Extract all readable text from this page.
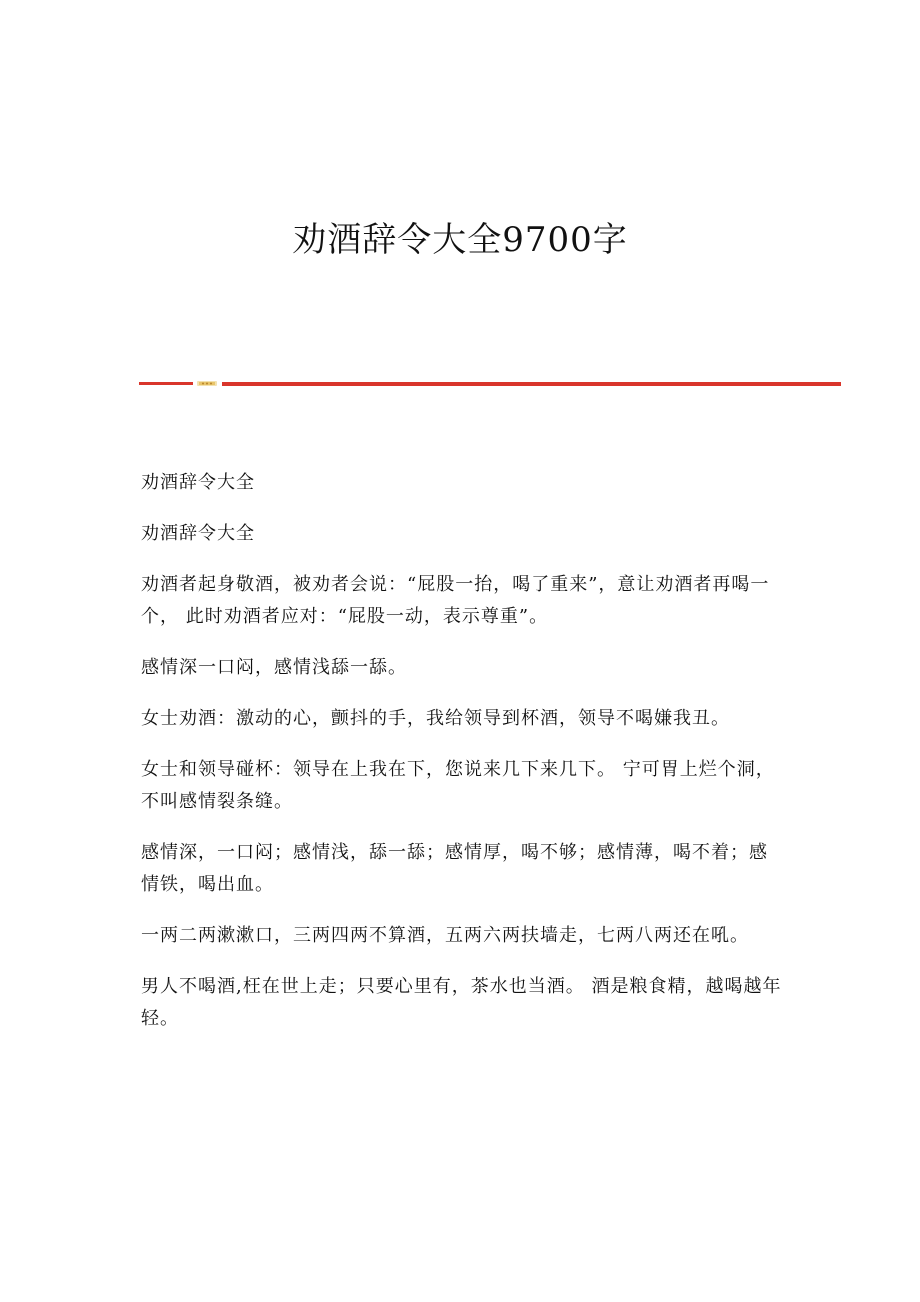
劝酒辞令大全9700字

劝酒辞令大全

劝酒辞令大全

劝酒者起身敬酒，被劝者会说：“屁股一抬，喝了重来”，意让劝酒者再喝一个， 此时劝酒者应对：“屁股一动，表示尊重”。

感情深一口闷，感情浅舔一舔。

女士劝酒：激动的心，颤抖的手，我给领导到杯酒，领导不喝嫌我丑。

女士和领导碰杯：领导在上我在下，您说来几下来几下。 宁可胃上烂个洞，不叫感情裂条缝。

感情深，一口闷；感情浅，舔一舔；感情厚，喝不够；感情薄，喝不着；感情铁，喝出血。

一两二两漱漱口，三两四两不算酒，五两六两扶墙走，七两八两还在吼。

男人不喝酒,枉在世上走；只要心里有，茶水也当酒。 酒是粮食精，越喝越年轻。
